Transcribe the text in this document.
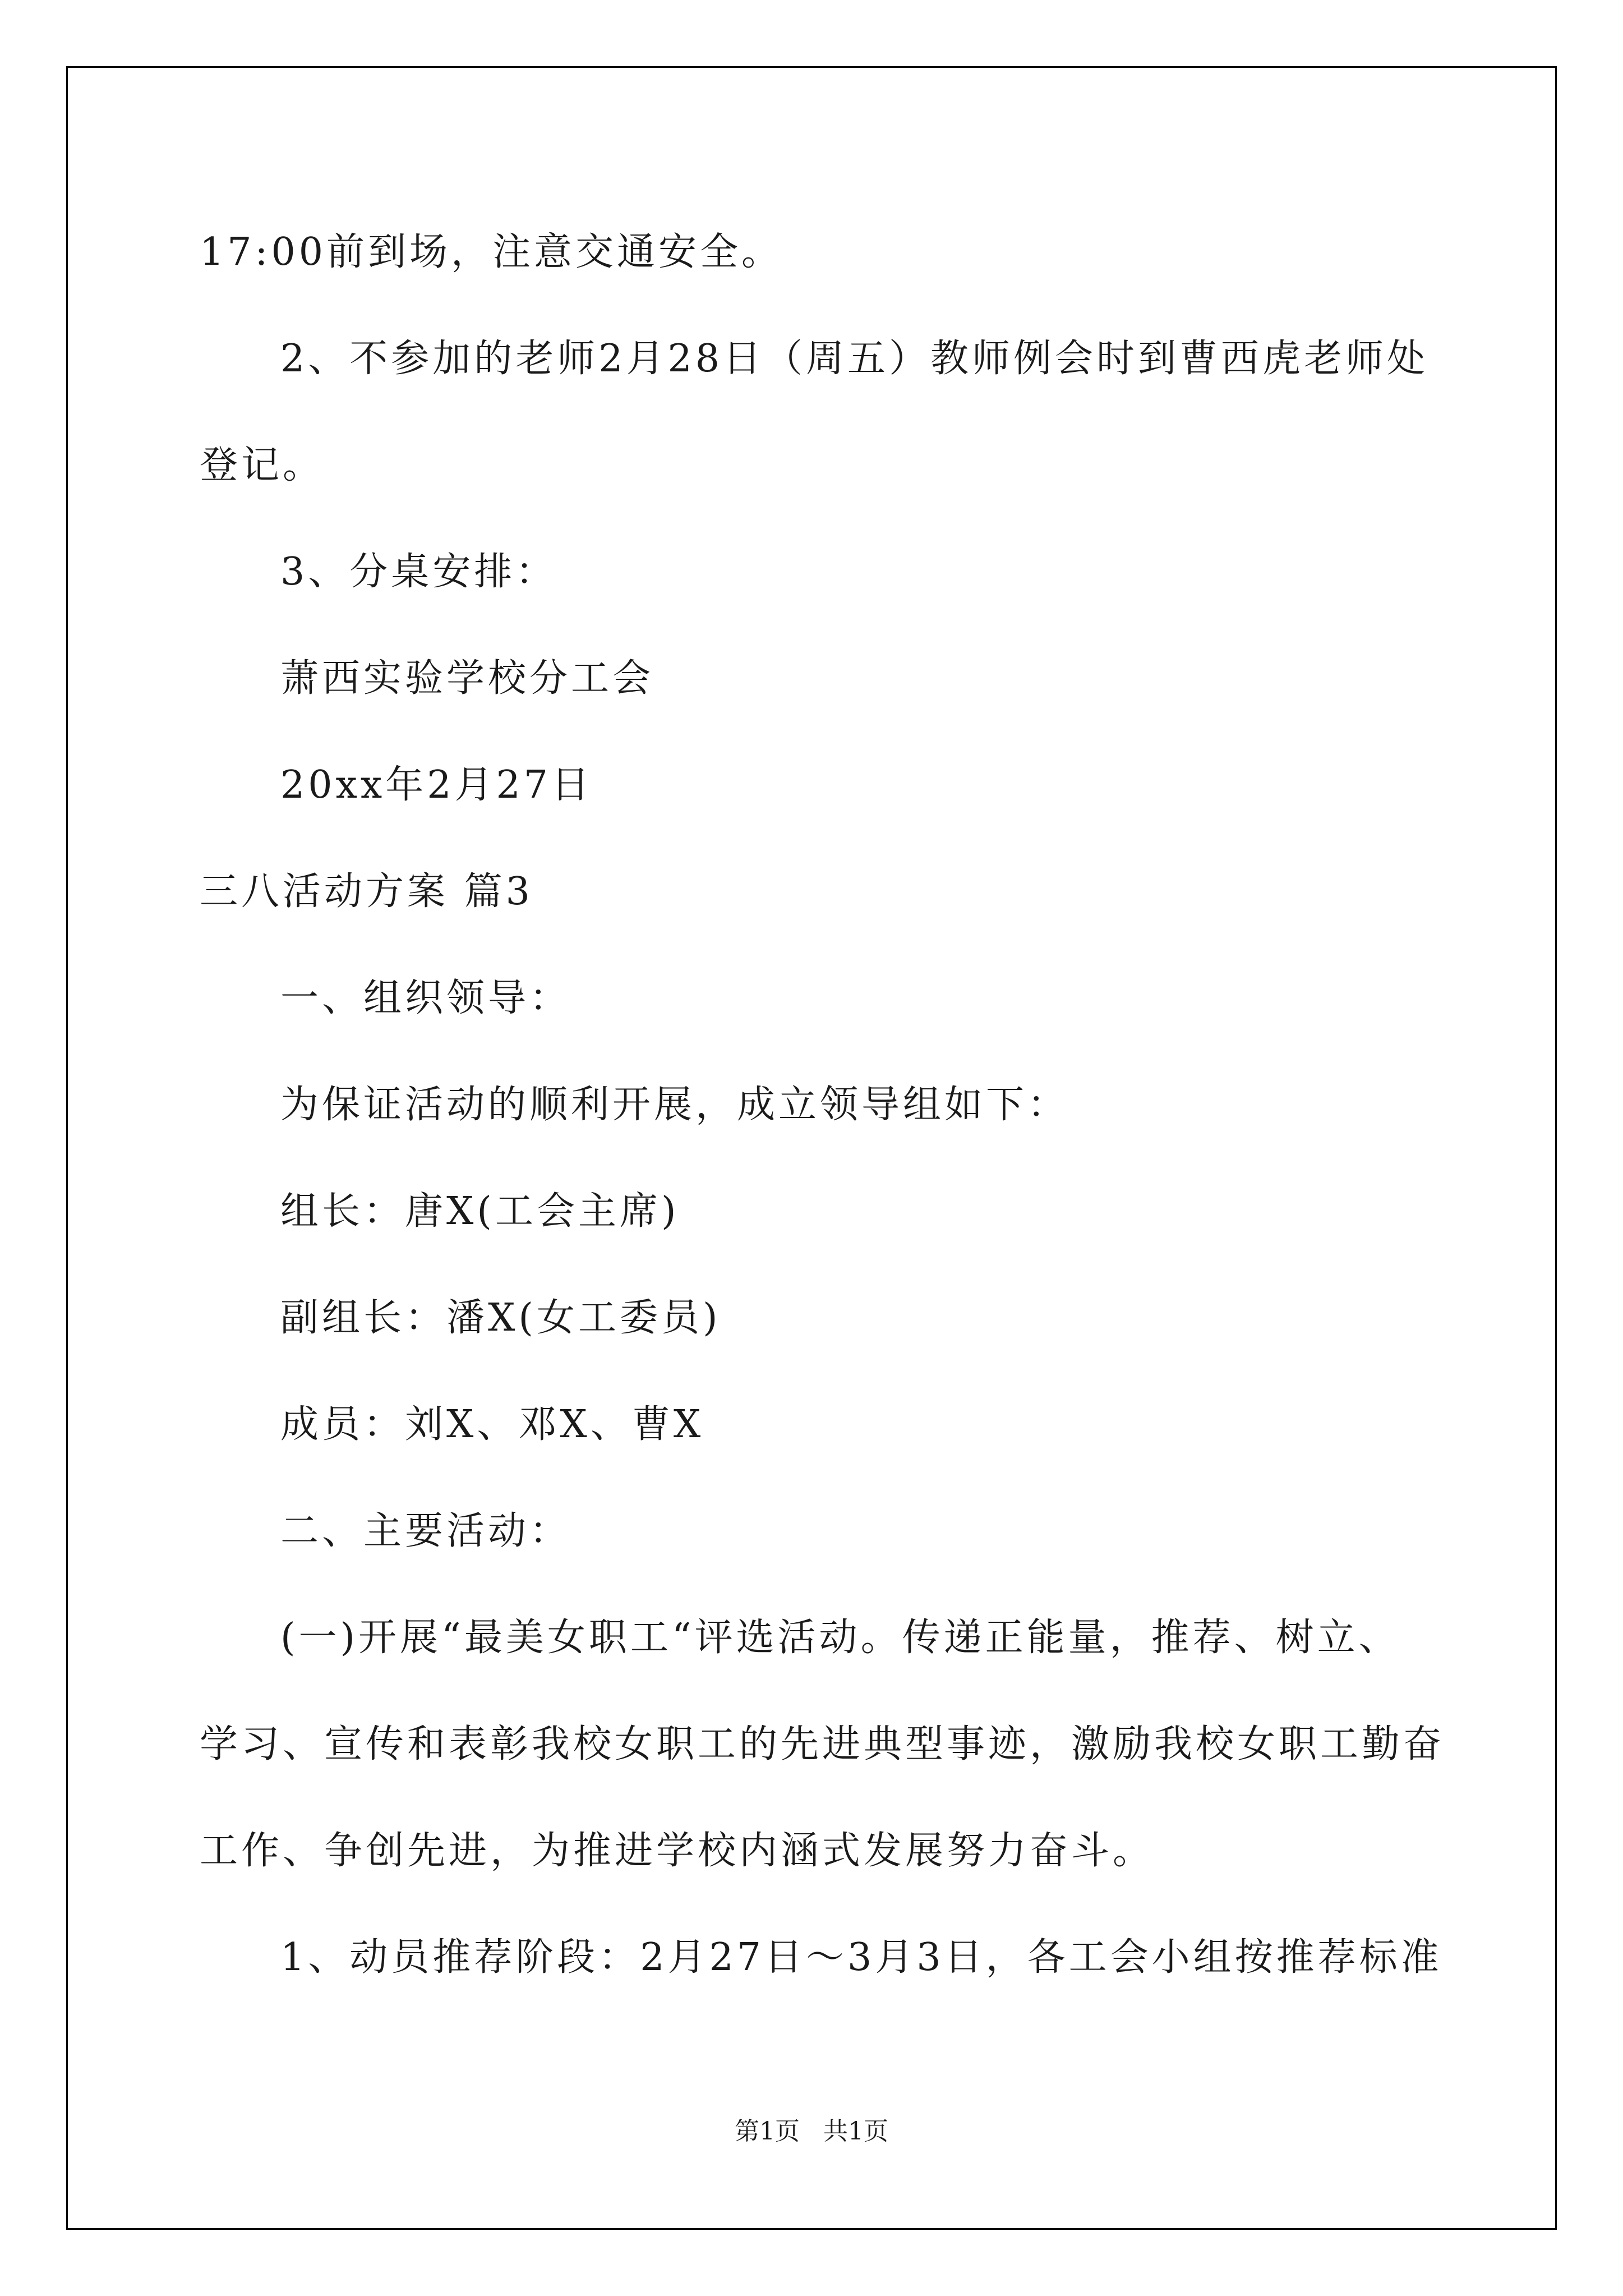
17:00前到场，注意交通安全。

2、不参加的老师2月28日（周五）教师例会时到曹西虎老师处

登记。

3、分桌安排：

萧西实验学校分工会

20xx年2月27日

三八活动方案 篇3

一、组织领导：

为保证活动的顺利开展，成立领导组如下：

组长：唐X(工会主席)

副组长：潘X(女工委员)

成员：刘X、邓X、曹X

二、主要活动：

(一)开展“最美女职工“评选活动。传递正能量，推荐、树立、

学习、宣传和表彰我校女职工的先进典型事迹，激励我校女职工勤奋

工作、争创先进，为推进学校内涵式发展努力奋斗。

1、动员推荐阶段：2月27日～3月3日，各工会小组按推荐标准

第1页   共1页
